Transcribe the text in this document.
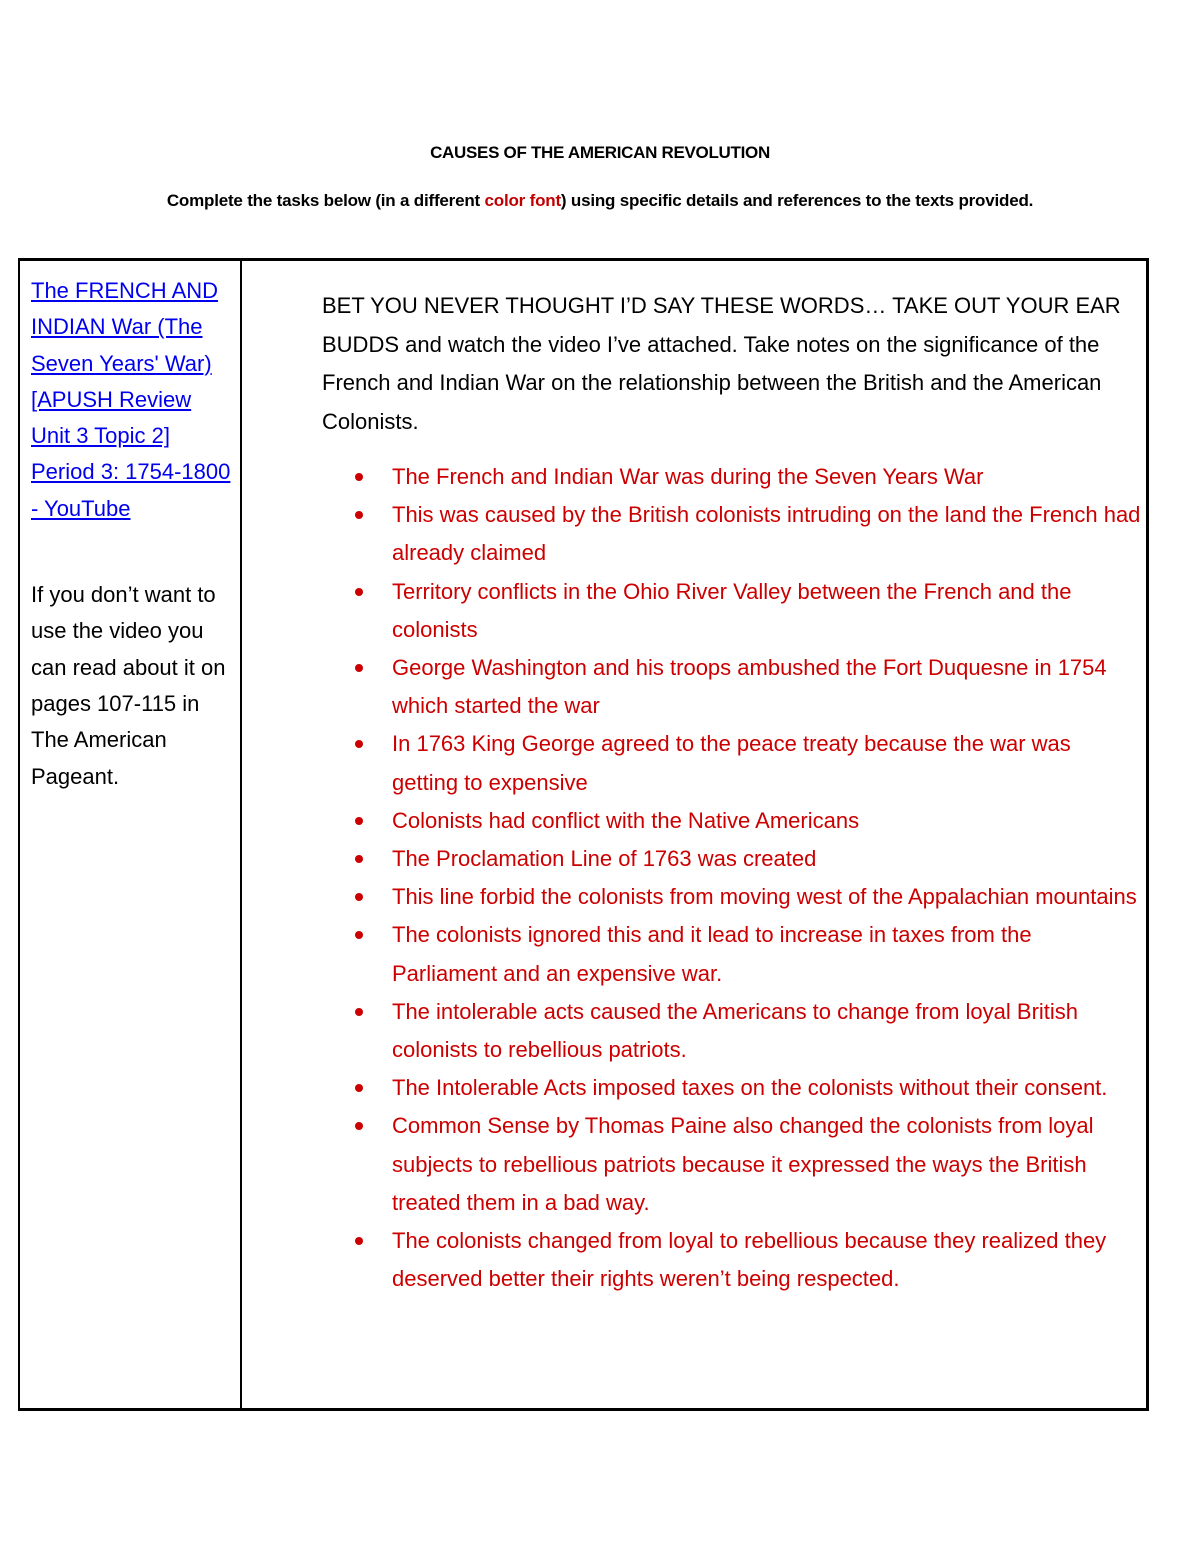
CAUSES OF THE AMERICAN REVOLUTION
Complete the tasks below (in a different color font) using specific details and references to the texts provided.
The FRENCH AND INDIAN War (The Seven Years' War) [APUSH Review Unit 3 Topic 2] Period 3: 1754-1800 - YouTube
If you don’t want to use the video you can read about it on pages 107-115 in The American Pageant.

BET YOU NEVER THOUGHT I’D SAY THESE WORDS… TAKE OUT YOUR EAR BUDDS and watch the video I’ve attached. Take notes on the significance of the French and Indian War on the relationship between the British and the American Colonists.

The French and Indian War was during the Seven Years War
This was caused by the British colonists intruding on the land the French had already claimed
Territory conflicts in the Ohio River Valley between the French and the colonists
George Washington and his troops ambushed the Fort Duquesne in 1754 which started the war
In 1763 King George agreed to the peace treaty because the war was getting to expensive
Colonists had conflict with the Native Americans
The Proclamation Line of 1763 was created
This line forbid the colonists from moving west of the Appalachian mountains
The colonists ignored this and it lead to increase in taxes from the Parliament and an expensive war.
The intolerable acts caused the Americans to change from loyal British colonists to rebellious patriots.
The Intolerable Acts imposed taxes on the colonists without their consent.
Common Sense by Thomas Paine also changed the colonists from loyal subjects to rebellious patriots because it expressed the ways the British treated them in a bad way.
The colonists changed from loyal to rebellious because they realized they deserved better their rights weren’t being respected.
